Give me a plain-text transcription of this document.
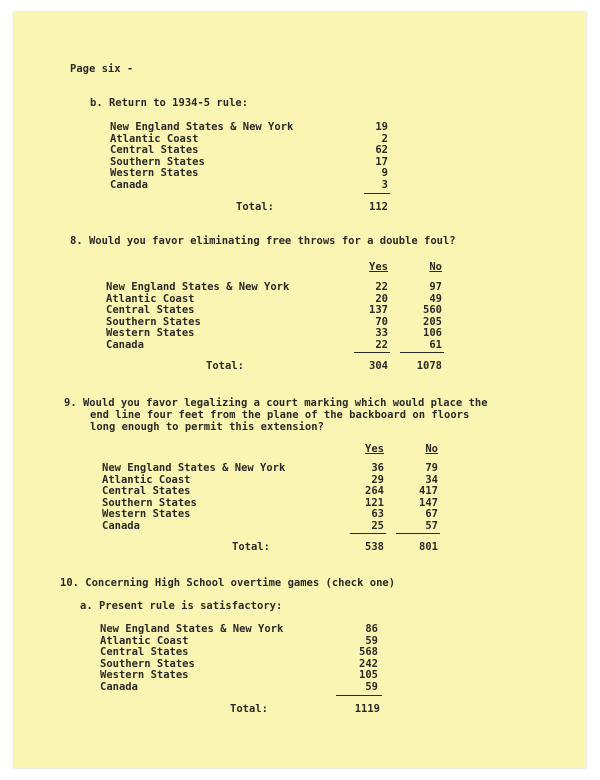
Page six -
b. Return to 1934-5 rule:
New England States & New York	19
Atlantic Coast	2
Central States	62
Southern States	17
Western States	9
Canada	3
Total:	112
8. Would you favor eliminating free throws for a double foul?
Yes	No
New England States & New York	22	97
Atlantic Coast	20	49
Central States	137	560
Southern States	70	205
Western States	33	106
Canada	22	61
Total:	304	1078
9. Would you favor legalizing a court marking which would place the
end line four feet from the plane of the backboard on floors
long enough to permit this extension?
Yes	No
New England States & New York	36	79
Atlantic Coast	29	34
Central States	264	417
Southern States	121	147
Western States	63	67
Canada	25	57
Total:	538	801
10. Concerning High School overtime games (check one)
a. Present rule is satisfactory:
New England States & New York	86
Atlantic Coast	59
Central States	568
Southern States	242
Western States	105
Canada	59
Total:	1119
